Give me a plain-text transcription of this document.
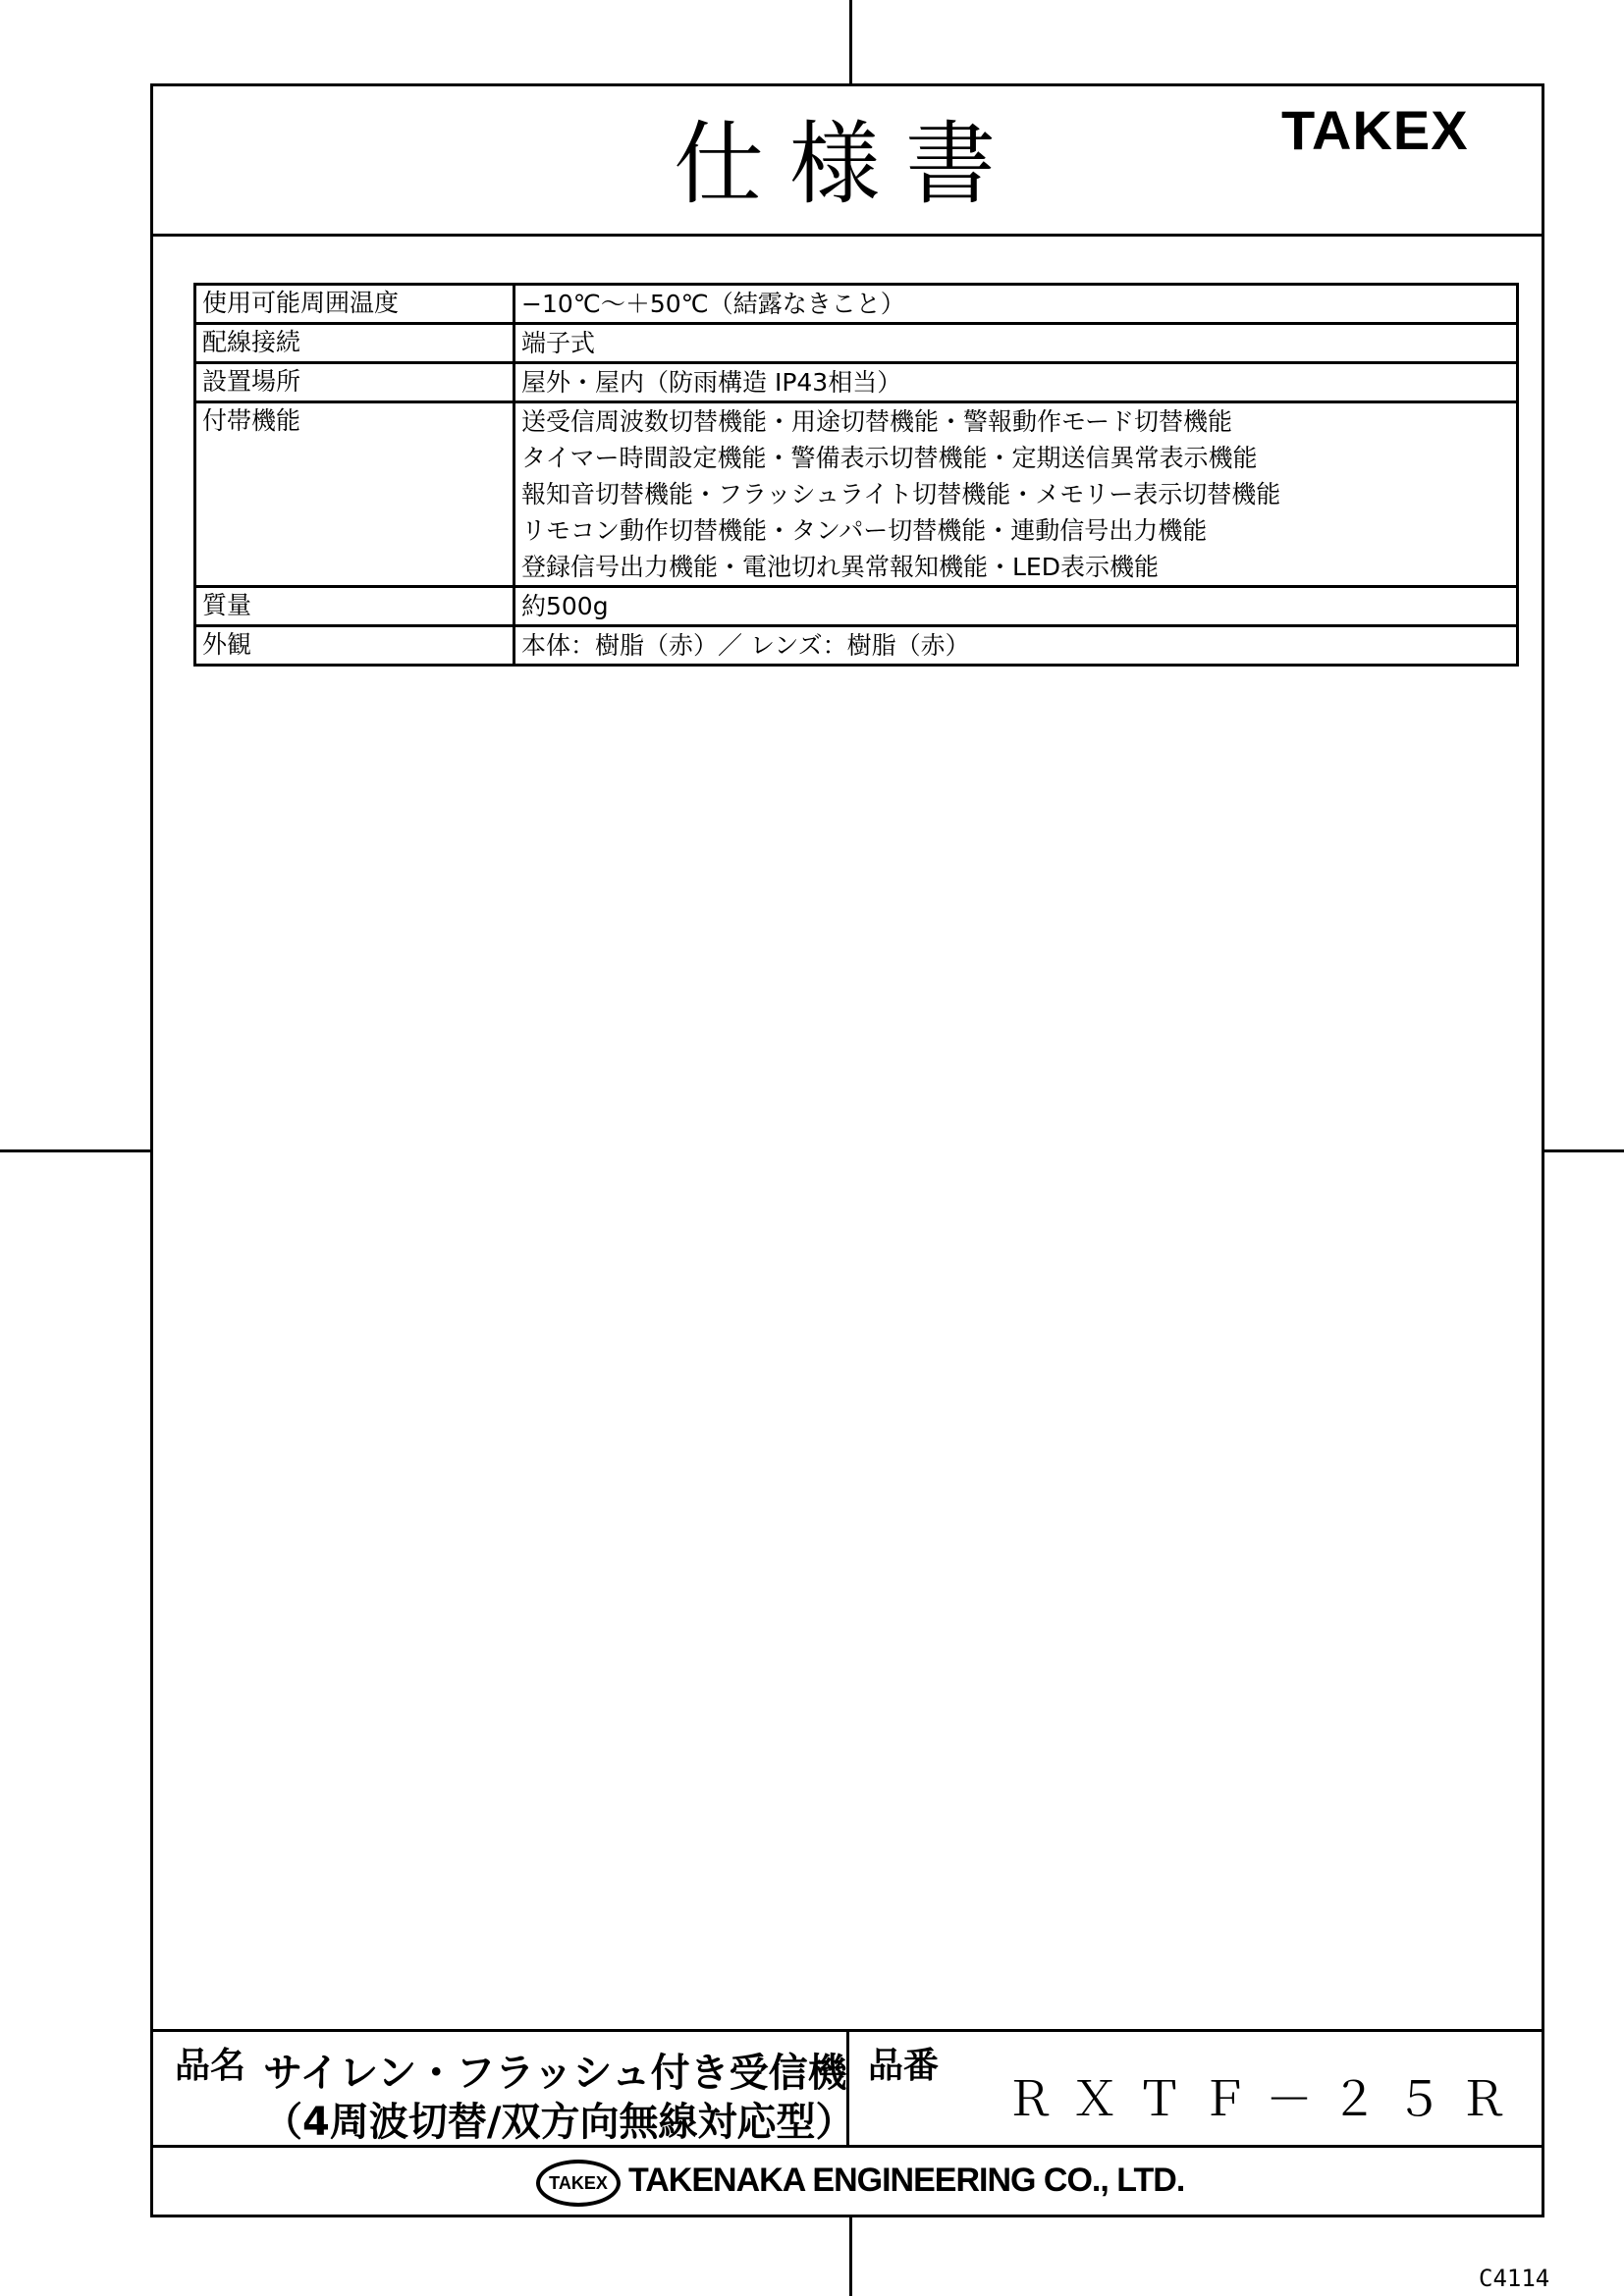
仕様書	TAKEX
使用可能周囲温度	−10℃〜＋50℃（結露なきこと）

配線接続	端子式

設置場所	屋外・屋内（防雨構造 IP43相当）

付帯機能	送受信周波数切替機能・用途切替機能・警報動作モード切替機能
タイマー時間設定機能・警備表示切替機能・定期送信異常表示機能
報知音切替機能・フラッシュライト切替機能・メモリー表示切替機能
リモコン動作切替機能・タンパー切替機能・連動信号出力機能
登録信号出力機能・電池切れ異常報知機能・LED表示機能

質量	約500g

外観	本体：樹脂（赤）／ レンズ：樹脂（赤）
品名 サイレン・フラッシュ付き受信機
（4周波切替/双方向無線対応型）
品番
ＲＸＴＦ－２５Ｒ
TAKEX TAKENAKA ENGINEERING CO., LTD.
C4114
